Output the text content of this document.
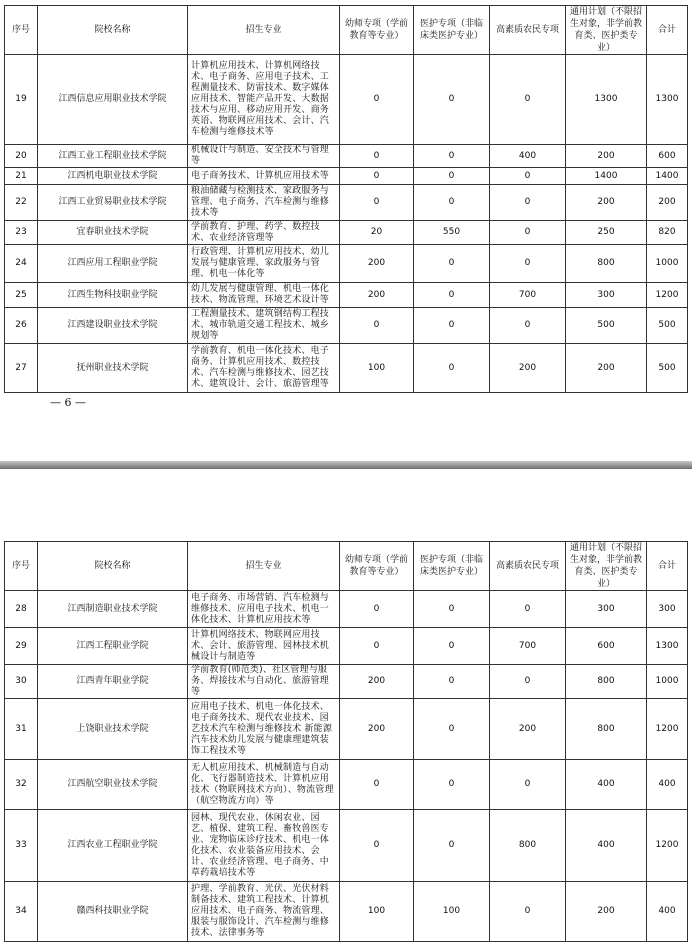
序号	院校名称	招生专业	幼师专项（学前教育等专业）	医护专项（非临床类医护专业）	高素质农民专项	通用计划（不限招生对象，非学前教育类、医护类专业）	合计
19	江西信息应用职业技术学院	计算机应用技术、计算机网络技术、电子商务、应用电子技术、工程测量技术、防雷技术、数字媒体应用技术、智能产品开发、大数据技术与应用、移动应用开发、商务英语、物联网应用技术、会计、汽车检测与维修技术等	0	0	0	1300	1300
20	江西工业工程职业技术学院	机械设计与制造、安全技术与管理等	0	0	400	200	600
21	江西机电职业技术学院	电子商务技术、计算机应用技术等	0	0	0	1400	1400
22	江西工业贸易职业技术学院	粮油储藏与检测技术、家政服务与管理、电子商务、汽车检测与维修技术等	0	0	0	200	200
23	宜春职业技术学院	学前教育、护理、药学、数控技术、农业经济管理等	20	550	0	250	820
24	江西应用工程职业学院	行政管理、计算机应用技术、幼儿发展与健康管理、家政服务与管理、机电一体化等	200	0	0	800	1000
25	江西生物科技职业学院	幼儿发展与健康管理、机电一体化技术、物流管理、环境艺术设计等	200	0	700	300	1200
26	江西建设职业技术学院	工程测量技术、建筑钢结构工程技术、城市轨道交通工程技术、城乡规划等	0	0	0	500	500
27	抚州职业技术学院	学前教育、机电一体化技术、电子商务、计算机应用技术、数控技术、汽车检测与维修技术、园艺技术、建筑设计、会计、旅游管理等	100	0	200	200	500
— 6 —
序号	院校名称	招生专业	幼师专项（学前教育等专业）	医护专项（非临床类医护专业）	高素质农民专项	通用计划（不限招生对象，非学前教育类、医护类专业）	合计
28	江西制造职业技术学院	电子商务、市场营销、汽车检测与维修技术、应用电子技术、机电一体化技术、计算机应用技术等	0	0	0	300	300
29	江西工程职业学院	计算机网络技术、物联网应用技术、会计、旅游管理、园林技术机械设计与制造等	0	0	700	600	1300
30	江西青年职业学院	学前教育(师范类)、社区管理与服务、焊接技术与自动化、旅游管理等	200	0	0	800	1000
31	上饶职业技术学院	应用电子技术、机电一体化技术、电子商务技术、现代农业技术、园艺技术汽车检测与维修技术 新能源汽车技术幼儿发展与健康理建筑装饰工程技术等	200	0	200	800	1200
32	江西航空职业技术学院	无人机应用技术、机械制造与自动化、飞行器制造技术、计算机应用技术（物联网技术方向）、物流管理（航空物流方向）等	0	0	0	400	400
33	江西农业工程职业学院	园林、现代农业、休闲农业、园艺、植保、建筑工程、畜牧兽医专业、宠物临床诊疗技术、机电一体化技术、农业装备应用技术、会计、农业经济管理、电子商务、中草药栽培技术等	0	0	800	400	1200
34	赣西科技职业学院	护理、学前教育、光伏、光伏材料制备技术、建筑工程技术、计算机应用技术、电子商务、物流管理、服装与服饰设计、汽车检测与维修技术、法律事务等	100	100	0	200	400
